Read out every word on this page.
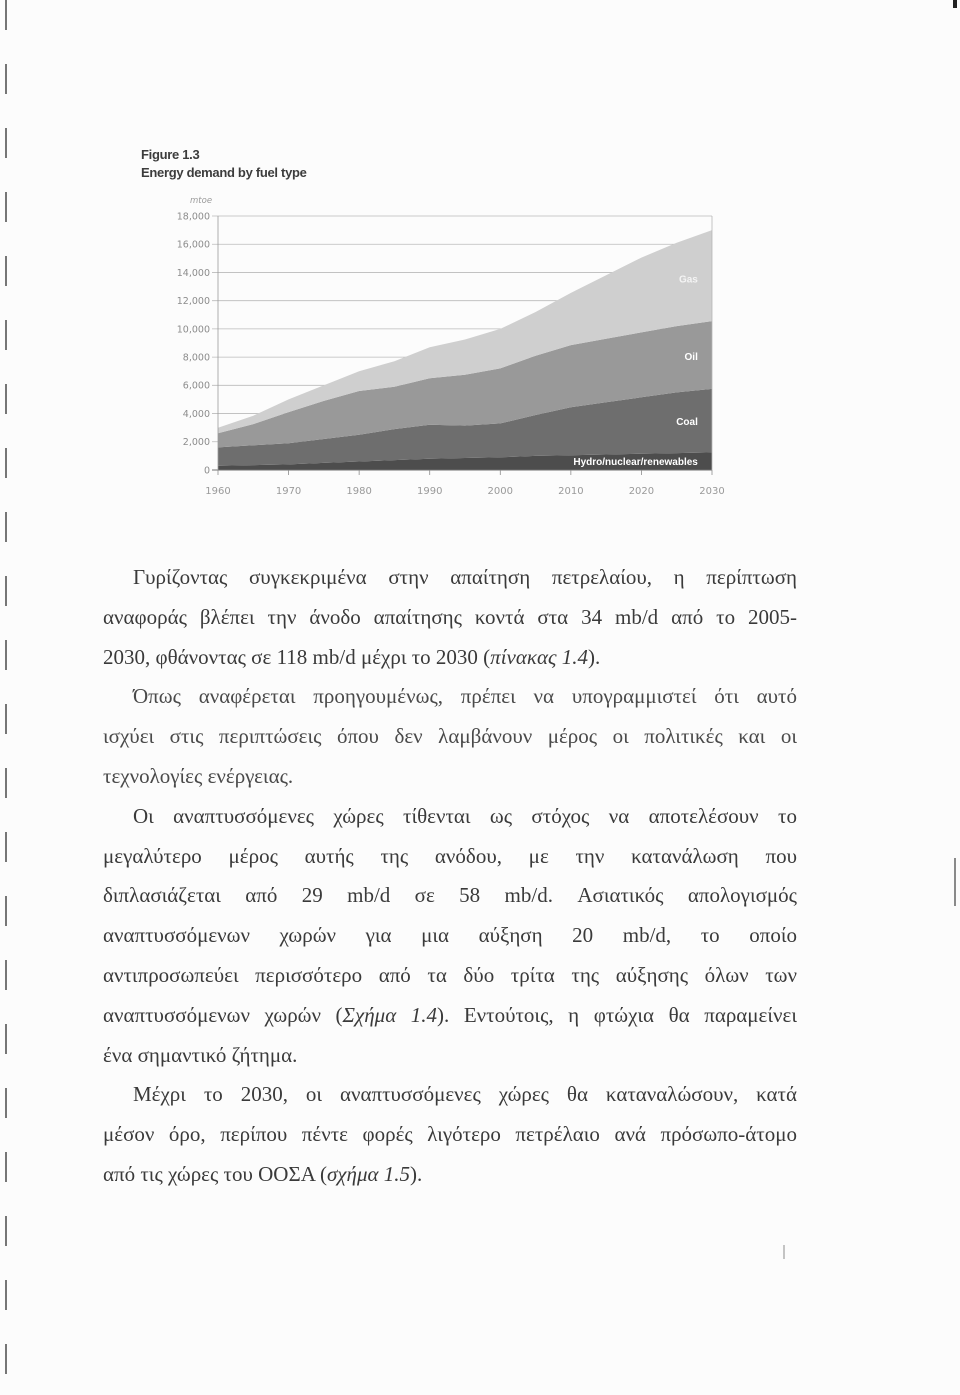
Figure 1.3
Energy demand by fuel type
mtoe
0
2,000
4,000
6,000
8,000
10,000
12,000
14,000
16,000
18,000
1960	1970	1980	1990	2000	2010	2020	2030
Hydro/nuclear/renewables
Coal
Oil
Gas
Γυρίζοντας συγκεκριμένα στην απαίτηση πετρελαίου, η περίπτωση
αναφοράς βλέπει την άνοδο απαίτησης κοντά στα 34 mb/d από το 2005-
2030, φθάνοντας σε 118 mb/d μέχρι το 2030 (πίνακας 1.4).
Όπως αναφέρεται προηγουμένως, πρέπει να υπογραμμιστεί ότι αυτό
ισχύει στις περιπτώσεις όπου δεν λαμβάνουν μέρος οι πολιτικές και οι
τεχνολογίες ενέργειας.
Οι αναπτυσσόμενες χώρες τίθενται ως στόχος να αποτελέσουν το
μεγαλύτερο μέρος αυτής της ανόδου, με την κατανάλωση που
διπλασιάζεται από 29 mb/d σε 58 mb/d. Ασιατικός απολογισμός
αναπτυσσόμενων χωρών για μια αύξηση 20 mb/d, το οποίο
αντιπροσωπεύει περισσότερο από τα δύο τρίτα της αύξησης όλων των
αναπτυσσόμενων χωρών (Σχήμα 1.4). Εντούτοις, η φτώχια θα παραμείνει
ένα σημαντικό ζήτημα.
Μέχρι το 2030, οι αναπτυσσόμενες χώρες θα καταναλώσουν, κατά
μέσον όρο, περίπου πέντε φορές λιγότερο πετρέλαιο ανά πρόσωπο-άτομο
από τις χώρες του ΟΟΣΑ (σχήμα 1.5).
